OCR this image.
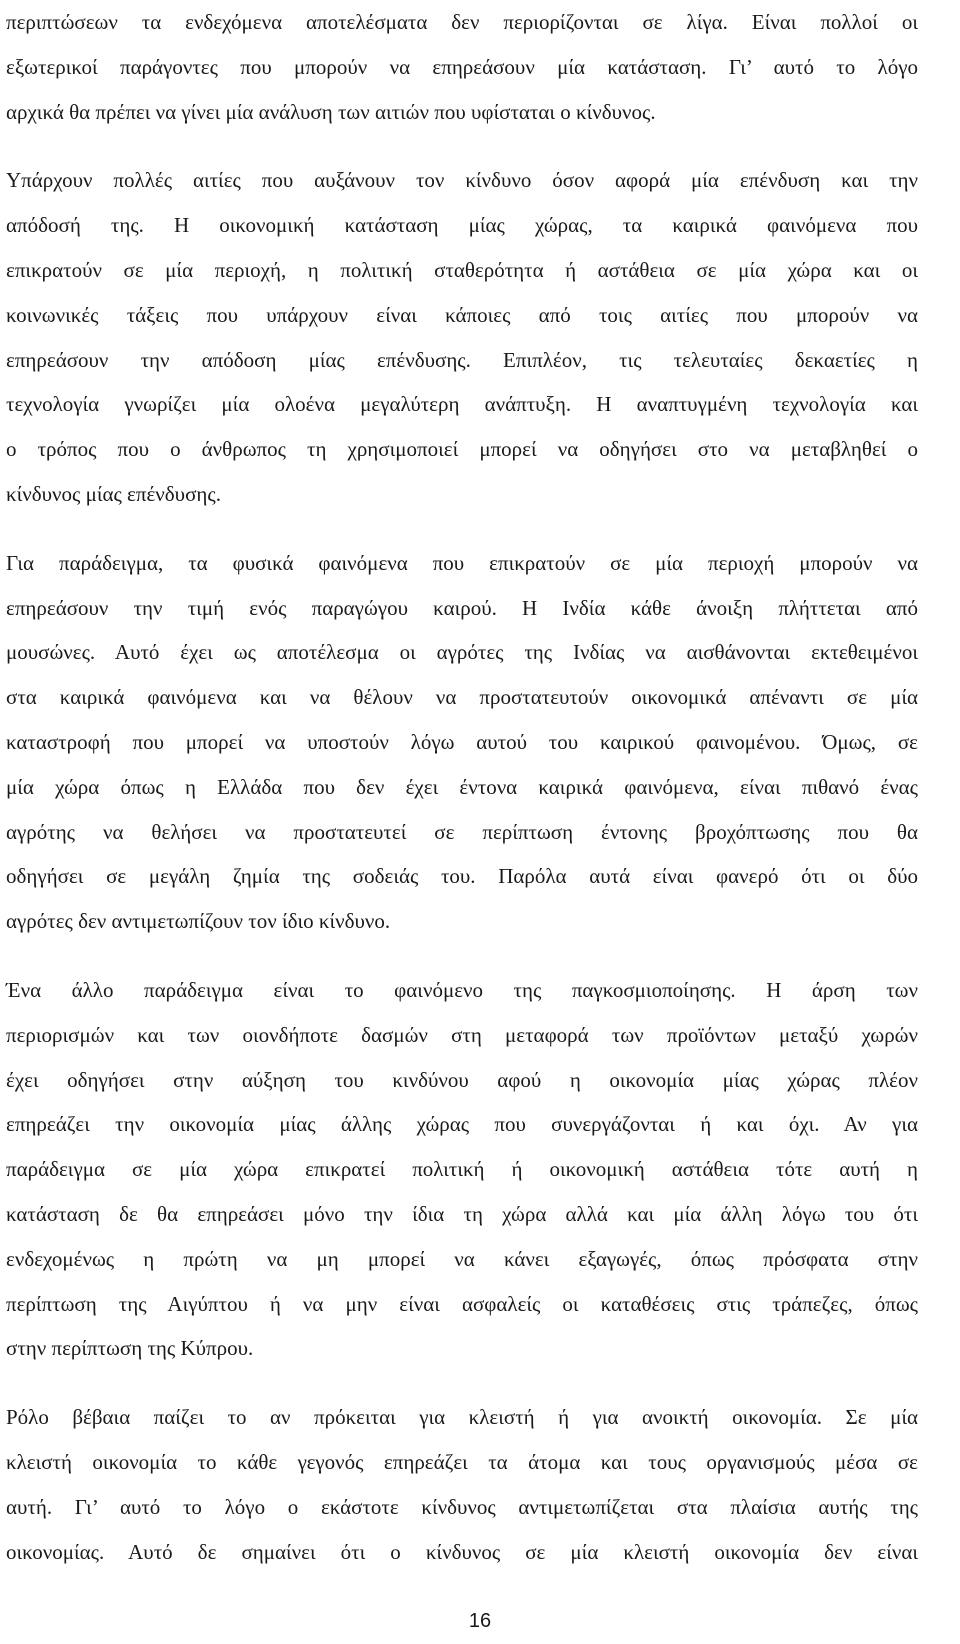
περιπτώσεων τα ενδεχόμενα αποτελέσματα δεν περιορίζονται σε λίγα. Είναι πολλοί οι
εξωτερικοί παράγοντες που μπορούν να επηρεάσουν μία κατάσταση. Γι’ αυτό το λόγο
αρχικά θα πρέπει να γίνει μία ανάλυση των αιτιών που υφίσταται ο κίνδυνος.
Υπάρχουν πολλές αιτίες που αυξάνουν τον κίνδυνο όσον αφορά μία επένδυση και την
απόδοσή της. Η οικονομική κατάσταση μίας χώρας, τα καιρικά φαινόμενα που
επικρατούν σε μία περιοχή, η πολιτική σταθερότητα ή αστάθεια σε μία χώρα και οι
κοινωνικές τάξεις που υπάρχουν είναι κάποιες από τοις αιτίες που μπορούν να
επηρεάσουν την απόδοση μίας επένδυσης. Επιπλέον, τις τελευταίες δεκαετίες η
τεχνολογία γνωρίζει μία ολοένα μεγαλύτερη ανάπτυξη. Η αναπτυγμένη τεχνολογία και
ο τρόπος που ο άνθρωπος τη χρησιμοποιεί μπορεί να οδηγήσει στο να μεταβληθεί ο
κίνδυνος μίας επένδυσης.
Για παράδειγμα, τα φυσικά φαινόμενα που επικρατούν σε μία περιοχή μπορούν να
επηρεάσουν την τιμή ενός παραγώγου καιρού. Η Ινδία κάθε άνοιξη πλήττεται από
μουσώνες. Αυτό έχει ως αποτέλεσμα οι αγρότες της Ινδίας να αισθάνονται εκτεθειμένοι
στα καιρικά φαινόμενα και να θέλουν να προστατευτούν οικονομικά απέναντι σε μία
καταστροφή που μπορεί να υποστούν λόγω αυτού του καιρικού φαινομένου. Όμως, σε
μία χώρα όπως η Ελλάδα που δεν έχει έντονα καιρικά φαινόμενα, είναι πιθανό ένας
αγρότης να θελήσει να προστατευτεί σε περίπτωση έντονης βροχόπτωσης που θα
οδηγήσει σε μεγάλη ζημία της σοδειάς του. Παρόλα αυτά είναι φανερό ότι οι δύο
αγρότες δεν αντιμετωπίζουν τον ίδιο κίνδυνο.
Ένα άλλο παράδειγμα είναι το φαινόμενο της παγκοσμιοποίησης. Η άρση των
περιορισμών και των οιονδήποτε δασμών στη μεταφορά των προϊόντων μεταξύ χωρών
έχει οδηγήσει στην αύξηση του κινδύνου αφού η οικονομία μίας χώρας πλέον
επηρεάζει την οικονομία μίας άλλης χώρας που συνεργάζονται ή και όχι. Αν για
παράδειγμα σε μία χώρα επικρατεί πολιτική ή οικονομική αστάθεια τότε αυτή η
κατάσταση δε θα επηρεάσει μόνο την ίδια τη χώρα αλλά και μία άλλη λόγω του ότι
ενδεχομένως η πρώτη να μη μπορεί να κάνει εξαγωγές, όπως πρόσφατα στην
περίπτωση της Αιγύπτου ή να μην είναι ασφαλείς οι καταθέσεις στις τράπεζες, όπως
στην περίπτωση της Κύπρου.
Ρόλο βέβαια παίζει το αν πρόκειται για κλειστή ή για ανοικτή οικονομία. Σε μία
κλειστή οικονομία το κάθε γεγονός επηρεάζει τα άτομα και τους οργανισμούς μέσα σε
αυτή. Γι’ αυτό το λόγο ο εκάστοτε κίνδυνος αντιμετωπίζεται στα πλαίσια αυτής της
οικονομίας. Αυτό δε σημαίνει ότι ο κίνδυνος σε μία κλειστή οικονομία δεν είναι
16
